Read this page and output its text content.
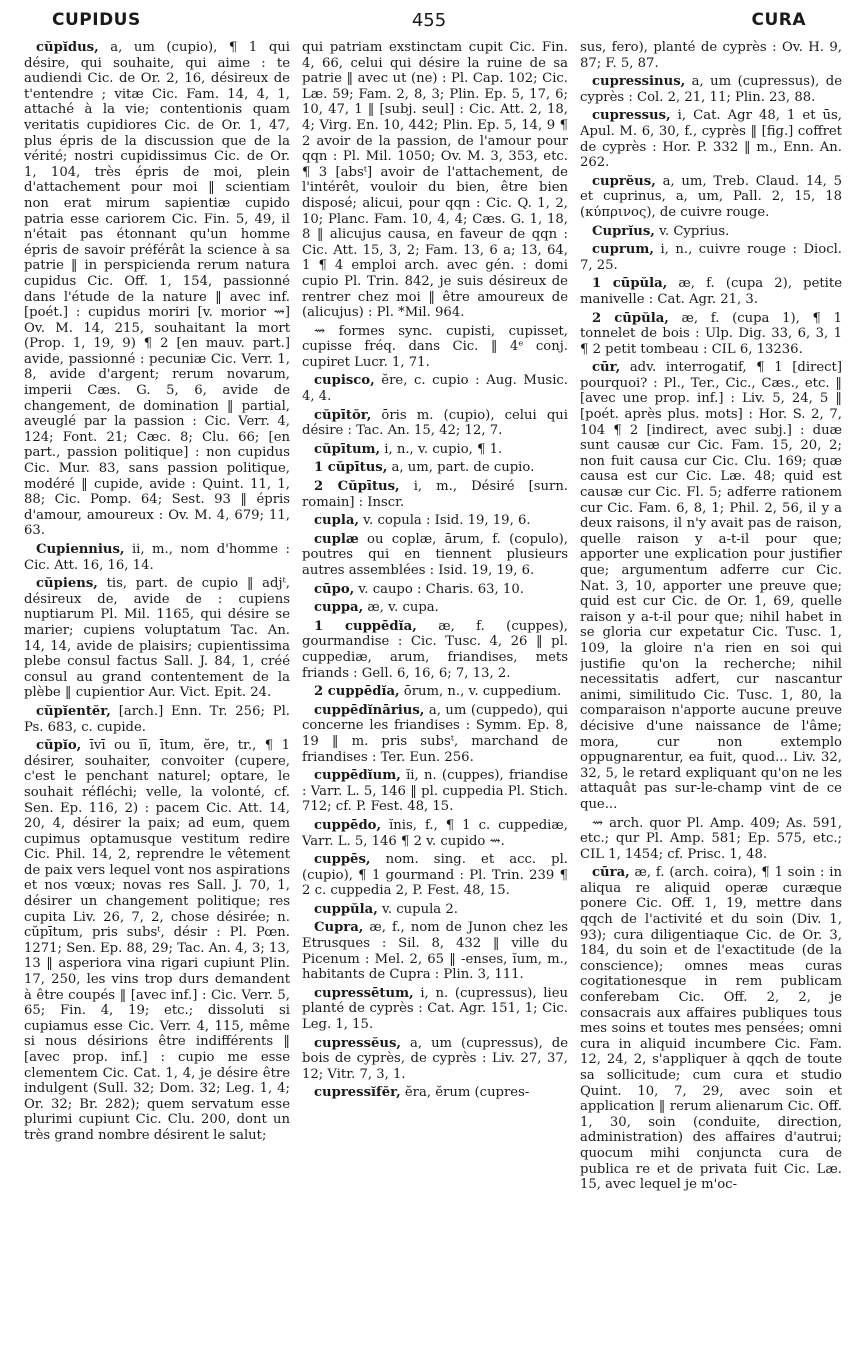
CUPIDUS	455	CURA

cŭpĭdus, a, um (cupio), ¶ 1 qui désire, qui souhaite, qui aime : te audiendi Cic. de Or. 2, 16, désireux de t'entendre ; vitæ Cic. Fam. 14, 4, 1, attaché à la vie; contentionis quam veritatis cupidiores Cic. de Or. 1, 47, plus épris de la discussion que de la vérité; nostri cupidissimus Cic. de Or. 1, 104, très épris de moi, plein d'attachement pour moi ‖ scientiam non erat mirum sapientiæ cupido patria esse cariorem Cic. Fin. 5, 49, il n'était pas étonnant qu'un homme épris de savoir préférât la science à sa patrie ‖ in perspicienda rerum natura cupidus Cic. Off. 1, 154, passionné dans l'étude de la nature ‖ avec inf. [poét.] : cupidus moriri [v. morior ⇝] Ov. M. 14, 215, souhaitant la mort (Prop. 1, 19, 9) ¶ 2 [en mauv. part.] avide, passionné : pecuniæ Cic. Verr. 1, 8, avide d'argent; rerum novarum, imperii Cæs. G. 5, 6, avide de changement, de domination ‖ partial, aveuglé par la passion : Cic. Verr. 4, 124; Font. 21; Cæc. 8; Clu. 66; [en part., passion politique] : non cupidus Cic. Mur. 83, sans passion politique, modéré ‖ cupide, avide : Quint. 11, 1, 88; Cic. Pomp. 64; Sest. 93 ‖ épris d'amour, amoureux : Ov. M. 4, 679; 11, 63.

Cupiennius, ii, m., nom d'homme : Cic. Att. 16, 16, 14.

cŭpiens, tis, part. de cupio ‖ adjᵗ, désireux de, avide de : cupiens nuptiarum Pl. Mil. 1165, qui désire se marier; cupiens voluptatum Tac. An. 14, 14, avide de plaisirs; cupientissima plebe consul factus Sall. J. 84, 1, créé consul au grand contentement de la plèbe ‖ cupientior Aur. Vict. Epit. 24.

cŭpĭentĕr, [arch.] Enn. Tr. 256; Pl. Ps. 683, c. cupide.

cŭpĭo, īvī ou ĭī, ītum, ĕre, tr., ¶ 1 désirer, souhaiter, convoiter (cupere, c'est le penchant naturel; optare, le souhait réfléchi; velle, la volonté, cf. Sen. Ep. 116, 2) : pacem Cic. Att. 14, 20, 4, désirer la paix; ad eum, quem cupimus optamusque vestitum redire Cic. Phil. 14, 2, reprendre le vêtement de paix vers lequel vont nos aspirations et nos vœux; novas res Sall. J. 70, 1, désirer un changement politique; res cupita Liv. 26, 7, 2, chose désirée; n. cŭpītum, pris subsᵗ, désir : Pl. Pœn. 1271; Sen. Ep. 88, 29; Tac. An. 4, 3; 13, 13 ‖ asperiora vina rigari cupiunt Plin. 17, 250, les vins trop durs demandent à être coupés ‖ [avec inf.] : Cic. Verr. 5, 65; Fin. 4, 19; etc.; dissoluti si cupiamus esse Cic. Verr. 4, 115, même si nous désirions être indifférents ‖ [avec prop. inf.] : cupio me esse clementem Cic. Cat. 1, 4, je désire être indulgent (Sull. 32; Dom. 32; Leg. 1, 4; Or. 32; Br. 282); quem servatum esse plurimi cupiunt Cic. Clu. 200, dont un très grand nombre désirent le salut;

qui patriam exstinctam cupit Cic. Fin. 4, 66, celui qui désire la ruine de sa patrie ‖ avec ut (ne) : Pl. Cap. 102; Cic. Læ. 59; Fam. 2, 8, 3; Plin. Ep. 5, 17, 6; 10, 47, 1 ‖ [subj. seul] : Cic. Att. 2, 18, 4; Virg. En. 10, 442; Plin. Ep. 5, 14, 9 ¶ 2 avoir de la passion, de l'amour pour qqn : Pl. Mil. 1050; Ov. M. 3, 353, etc. ¶ 3 [absᵗ] avoir de l'attachement, de l'intérêt, vouloir du bien, être bien disposé; alicui, pour qqn : Cic. Q. 1, 2, 10; Planc. Fam. 10, 4, 4; Cæs. G. 1, 18, 8 ‖ alicujus causa, en faveur de qqn : Cic. Att. 15, 3, 2; Fam. 13, 6 a; 13, 64, 1 ¶ 4 emploi arch. avec gén. : domi cupio Pl. Trin. 842, je suis désireux de rentrer chez moi ‖ être amoureux de (alicujus) : Pl. *Mil. 964.

⇝ formes sync. cupisti, cupisset, cupisse fréq. dans Cic. ‖ 4ᵉ conj. cupiret Lucr. 1, 71.

cupisco, ĕre, c. cupio : Aug. Music. 4, 4.

cŭpītŏr, ōris m. (cupio), celui qui désire : Tac. An. 15, 42; 12, 7.

cŭpītum, i, n., v. cupio, ¶ 1.

1 cŭpītus, a, um, part. de cupio.

2 Cŭpītus, i, m., Désiré [surn. romain] : Inscr.

cupla, v. copula : Isid. 19, 19, 6.

cuplæ ou coplæ, ārum, f. (copulo), poutres qui en tiennent plusieurs autres assemblées : Isid. 19, 19, 6.

cūpo, v. caupo : Charis. 63, 10.

cuppa, æ, v. cupa.

1 cuppēdĭa, æ, f. (cuppes), gourmandise : Cic. Tusc. 4, 26 ‖ pl. cuppediæ, arum, friandises, mets friands : Gell. 6, 16, 6; 7, 13, 2.

2 cuppēdĭa, ōrum, n., v. cuppedium.

cuppēdĭnārius, a, um (cuppedo), qui concerne les friandises : Symm. Ep. 8, 19 ‖ m. pris subsᵗ, marchand de friandises : Ter. Eun. 256.

cuppēdĭum, ĭi, n. (cuppes), friandise : Varr. L. 5, 146 ‖ pl. cuppedia Pl. Stich. 712; cf. P. Fest. 48, 15.

cuppēdo, ĭnis, f., ¶ 1 c. cuppediæ, Varr. L. 5, 146 ¶ 2 v. cupido ⇝.

cuppēs, nom. sing. et acc. pl. (cupio), ¶ 1 gourmand : Pl. Trin. 239 ¶ 2 c. cuppedia 2, P. Fest. 48, 15.

cuppŭla, v. cupula 2.

Cupra, æ, f., nom de Junon chez les Etrusques : Sil. 8, 432 ‖ ville du Picenum : Mel. 2, 65 ‖ -enses, ĭum, m., habitants de Cupra : Plin. 3, 111.

cupressētum, i, n. (cupressus), lieu planté de cyprès : Cat. Agr. 151, 1; Cic. Leg. 1, 15.

cupressĕus, a, um (cupressus), de bois de cyprès, de cyprès : Liv. 27, 37, 12; Vitr. 7, 3, 1.

cupressĭfĕr, ĕra, ĕrum (cupres-

sus, fero), planté de cyprès : Ov. H. 9, 87; F. 5, 87.

cupressinus, a, um (cupressus), de cyprès : Col. 2, 21, 11; Plin. 23, 88.

cupressus, i, Cat. Agr 48, 1 et ūs, Apul. M. 6, 30, f., cyprès ‖ [fig.] coffret de cyprès : Hor. P. 332 ‖ m., Enn. An. 262.

cuprĕus, a, um, Treb. Claud. 14, 5 et cuprinus, a, um, Pall. 2, 15, 18 (κύπρινος), de cuivre rouge.

Cuprĭus, v. Cyprius.

cuprum, i, n., cuivre rouge : Diocl. 7, 25.

1 cūpŭla, æ, f. (cupa 2), petite manivelle : Cat. Agr. 21, 3.

2 cūpŭla, æ, f. (cupa 1), ¶ 1 tonnelet de bois : Ulp. Dig. 33, 6, 3, 1 ¶ 2 petit tombeau : CIL 6, 13236.

cūr, adv. interrogatif, ¶ 1 [direct] pourquoi? : Pl., Ter., Cic., Cæs., etc. ‖ [avec une prop. inf.] : Liv. 5, 24, 5 ‖ [poét. après plus. mots] : Hor. S. 2, 7, 104 ¶ 2 [indirect, avec subj.] : duæ sunt causæ cur Cic. Fam. 15, 20, 2; non fuit causa cur Cic. Clu. 169; quæ causa est cur Cic. Læ. 48; quid est causæ cur Cic. Fl. 5; adferre rationem cur Cic. Fam. 6, 8, 1; Phil. 2, 56, il y a deux raisons, il n'y avait pas de raison, quelle raison y a-t-il pour que; apporter une explication pour justifier que; argumentum adferre cur Cic. Nat. 3, 10, apporter une preuve que; quid est cur Cic. de Or. 1, 69, quelle raison y a-t-il pour que; nihil habet in se gloria cur expetatur Cic. Tusc. 1, 109, la gloire n'a rien en soi qui justifie qu'on la recherche; nihil necessitatis adfert, cur nascantur animi, similitudo Cic. Tusc. 1, 80, la comparaison n'apporte aucune preuve décisive d'une naissance de l'âme; mora, cur non extemplo oppugnarentur, ea fuit, quod... Liv. 32, 32, 5, le retard expliquant qu'on ne les attaquât pas sur-le-champ vint de ce que...

⇝ arch. quor Pl. Amp. 409; As. 591, etc.; qur Pl. Amp. 581; Ep. 575, etc.; CIL 1, 1454; cf. Prisc. 1, 48.

cūra, æ, f. (arch. coira), ¶ 1 soin : in aliqua re aliquid operæ curæque ponere Cic. Off. 1, 19, mettre dans qqch de l'activité et du soin (Div. 1, 93); cura diligentiaque Cic. de Or. 3, 184, du soin et de l'exactitude (de la conscience); omnes meas curas cogitationesque in rem publicam conferebam Cic. Off. 2, 2, je consacrais aux affaires publiques tous mes soins et toutes mes pensées; omni cura in aliquid incumbere Cic. Fam. 12, 24, 2, s'appliquer à qqch de toute sa sollicitude; cum cura et studio Quint. 10, 7, 29, avec soin et application ‖ rerum alienarum Cic. Off. 1, 30, soin (conduite, direction, administration) des affaires d'autrui; quocum mihi conjuncta cura de publica re et de privata fuit Cic. Læ. 15, avec lequel je m'oc-
